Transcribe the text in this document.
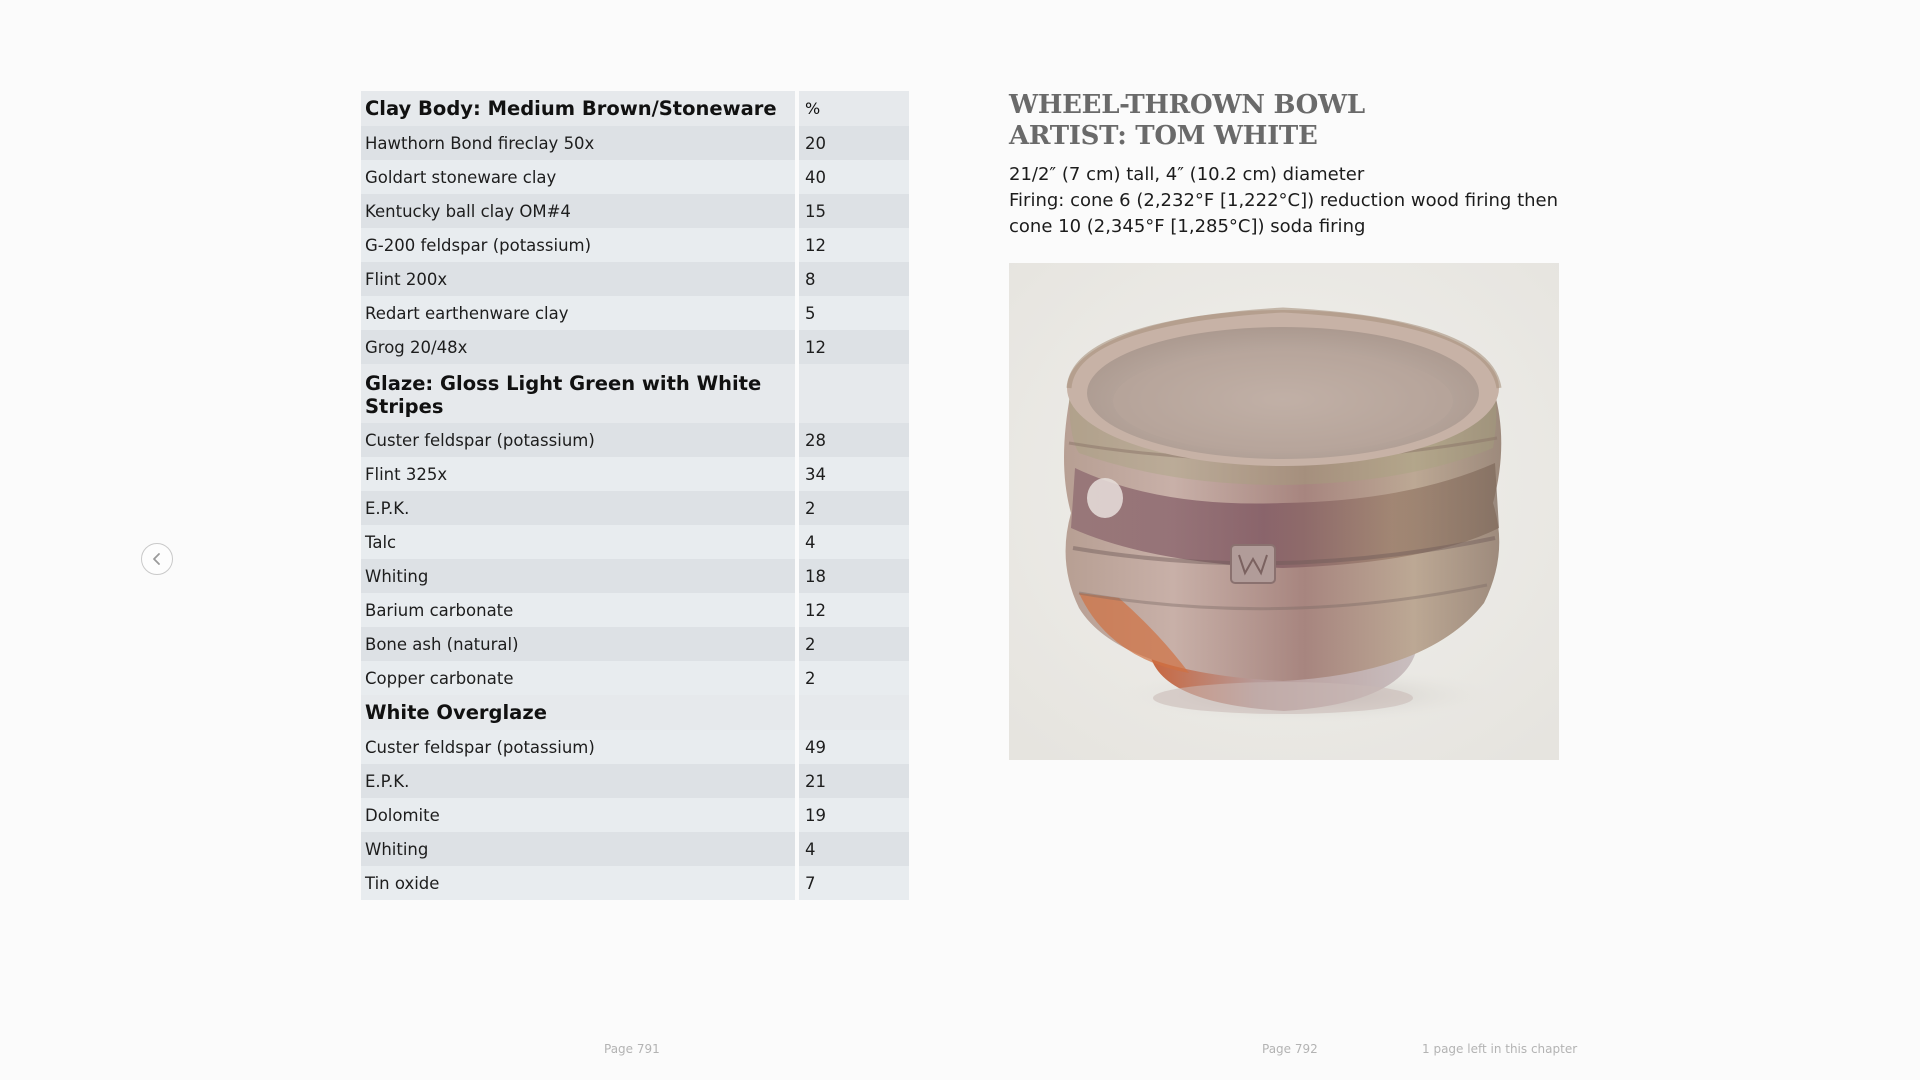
Clay Body: Medium Brown/Stoneware	%
Hawthorn Bond fireclay 50x	20
Goldart stoneware clay	40
Kentucky ball clay OM#4	15
G-200 feldspar (potassium)	12
Flint 200x	8
Redart earthenware clay	5
Grog 20/48x	12
Glaze: Gloss Light Green with White Stripes	
Custer feldspar (potassium)	28
Flint 325x	34
E.P.K.	2
Talc	4
Whiting	18
Barium carbonate	12
Bone ash (natural)	2
Copper carbonate	2
White Overglaze	
Custer feldspar (potassium)	49
E.P.K.	21
Dolomite	19
Whiting	4
Tin oxide	7
WHEEL-THROWN BOWL
ARTIST: TOM WHITE

21/2″ (7 cm) tall, 4″ (10.2 cm) diameter

Firing: cone 6 (2,232°F [1,222°C]) reduction wood firing then cone 10 (2,345°F [1,285°C]) soda firing

Page 791	Page 792	1 page left in this chapter
